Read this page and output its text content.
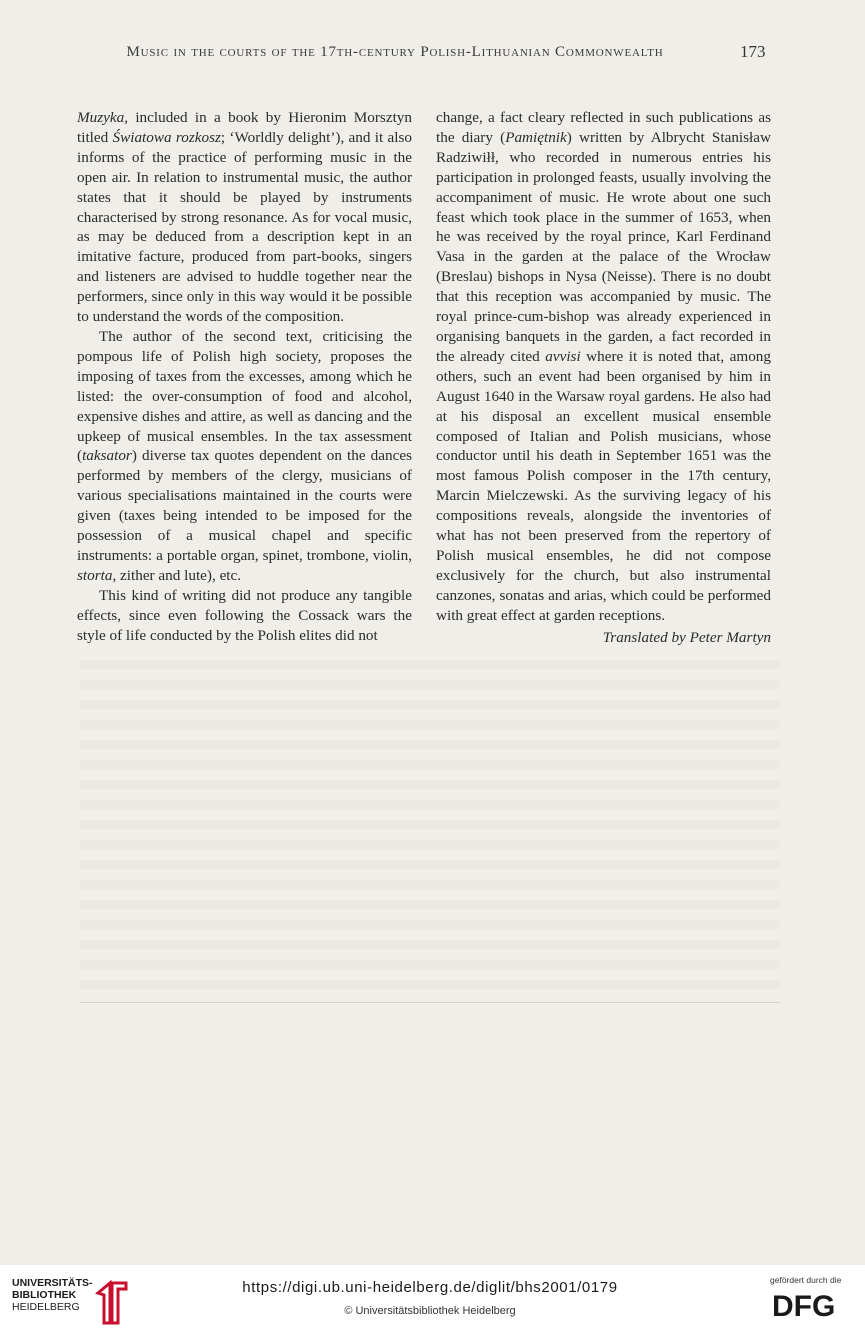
Music in the courts of the 17th-century Polish-Lithuanian Commonwealth	173

Muzyka, included in a book by Hieronim Morsztyn titled Światowa rozkosz; ‘Worldly delight’), and it also informs of the practice of performing music in the open air. In relation to instrumental music, the author states that it should be played by instruments characterised by strong resonance. As for vocal music, as may be deduced from a description kept in an imitative facture, produced from part-books, singers and listeners are advised to huddle together near the performers, since only in this way would it be possible to understand the words of the composition.

The author of the second text, criticising the pompous life of Polish high society, proposes the imposing of taxes from the excesses, among which he listed: the over-consumption of food and alcohol, expensive dishes and attire, as well as dancing and the upkeep of musical ensembles. In the tax assessment (taksator) diverse tax quotes dependent on the dances performed by members of the clergy, musicians of various specialisations maintained in the courts were given (taxes being intended to be imposed for the possession of a musical chapel and specific instruments: a portable organ, spinet, trombone, violin, storta, zither and lute), etc.

This kind of writing did not produce any tangible effects, since even following the Cossack wars the style of life conducted by the Polish elites did not

change, a fact cleary reflected in such publications as the diary (Pamiętnik) written by Albrycht Stanisław Radziwiłł, who recorded in numerous entries his participation in prolonged feasts, usually involving the accompaniment of music. He wrote about one such feast which took place in the summer of 1653, when he was received by the royal prince, Karl Ferdinand Vasa in the garden at the palace of the Wrocław (Breslau) bishops in Nysa (Neisse). There is no doubt that this reception was accompanied by music. The royal prince-cum-bishop was already experienced in organising banquets in the garden, a fact recorded in the already cited avvisi where it is noted that, among others, such an event had been organised by him in August 1640 in the Warsaw royal gardens. He also had at his disposal an excellent musical ensemble composed of Italian and Polish musicians, whose conductor until his death in September 1651 was the most famous Polish composer in the 17th century, Marcin Mielczewski. As the surviving legacy of his compositions reveals, alongside the inventories of what has not been preserved from the repertory of Polish musical ensembles, he did not compose exclusively for the church, but also instrumental canzones, sonatas and arias, which could be performed with great effect at garden receptions.

Translated by Peter Martyn

UNIVERSITÄTS-
BIBLIOTHEK
HEIDELBERG
https://digi.ub.uni-heidelberg.de/diglit/bhs2001/0179
© Universitätsbibliothek Heidelberg
gefördert durch die
DFG
